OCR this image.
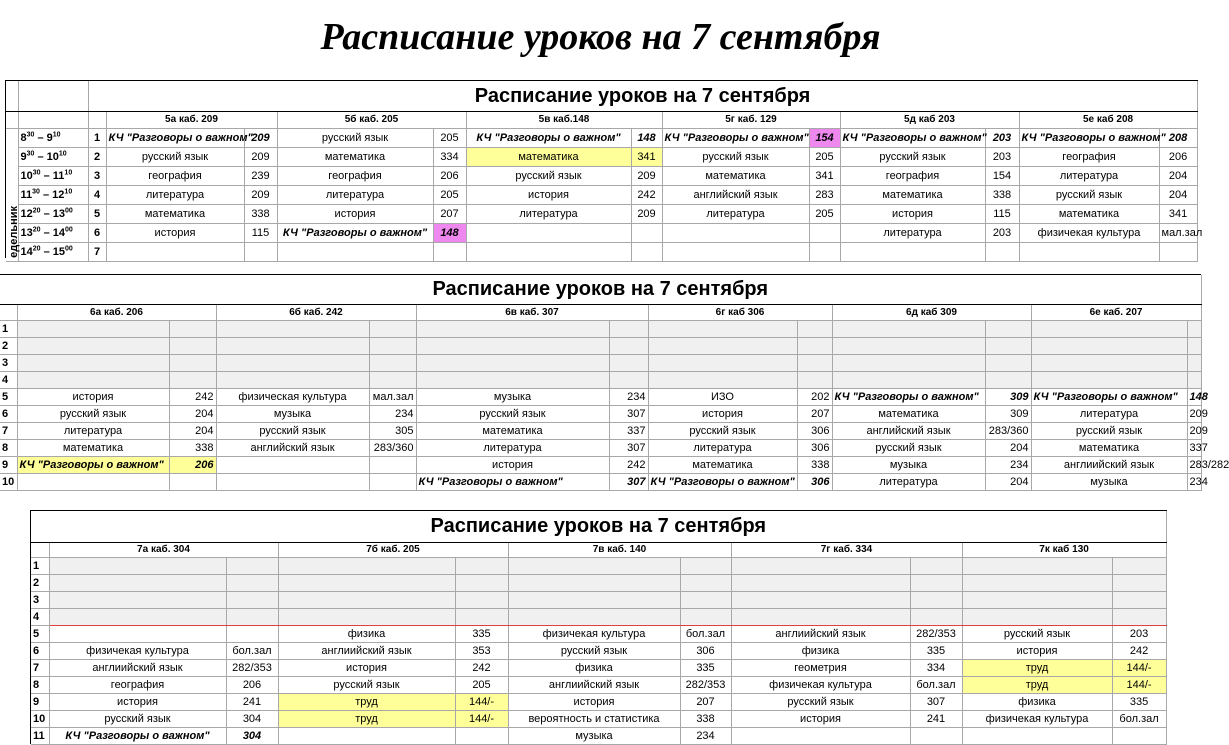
Расписание уроков на 7 сентября
		Расписание уроков на 7 сентября												
			5а каб. 209		5б каб. 205		5в каб.148		5г каб. 129		5д каб 203		5е каб 208	
едельник	$8^{30} - 9^{10}$	1	КЧ "Разговоры о важном"	209	русский язык	205	КЧ "Разговоры о важном"	148	КЧ "Разговоры о важном"	154	КЧ "Разговоры о важном"	203	КЧ "Разговоры о важном"	208
	$9^{30} - 10^{10}$	2	русский язык	209	математика	334	математика	341	русский язык	205	русский язык	203	география	206
	$10^{30} - 11^{10}$	3	география	239	география	206	русский язык	209	математика	341	география	154	литература	204
	$11^{30} - 12^{10}$	4	литература	209	литература	205	история	242	английский язык	283	математика	338	русский язык	204
	$12^{20} - 13^{00}$	5	математика	338	история	207	литература	209	литература	205	история	115	математика	341
	$13^{20} - 14^{00}$	6	история	115	КЧ "Разговоры о важном"	148					литература	203	физичекая культура	мал.зал
	$14^{20} - 15^{00}$	7												
Расписание уроков на 7 сентября												
	6а каб. 206		6б каб. 242		6в каб. 307		6г каб 306		6д каб 309		6е каб. 207	
1												
2												
3												
4												
5	история	242	физическая культура	мал.зал	музыка	234	ИЗО	202	КЧ "Разговоры о важном"	309	КЧ "Разговоры о важном"	148
6	русский язык	204	музыка	234	русский язык	307	история	207	математика	309	литература	209
7	литература	204	русский язык	305	математика	337	русский язык	306	английский язык	283/360	русский язык	209
8	математика	338	английский язык	283/360	литература	307	литература	306	русский язык	204	математика	337
9	КЧ "Разговоры о важном"	206			история	242	математика	338	музыка	234	англиийский язык	283/282
10					КЧ "Разговоры о важном"	307	КЧ "Разговоры о важном"	306	литература	204	музыка	234
Расписание уроков на 7 сентября										
	7а каб. 304		7б каб. 205		7в каб. 140		7г каб. 334		7к каб 130	
1										
2										
3										
4										
5			физика	335	физичекая культура	бол.зал	англиийский язык	282/353	русский язык	203
6	физичекая культура	бол.зал	англиийский язык	353	русский язык	306	физика	335	история	242
7	англиийский язык	282/353	история	242	физика	335	геометрия	334	труд	144/-
8	география	206	русский язык	205	англиийский язык	282/353	физичекая культура	бол.зал	труд	144/-
9	история	241	труд	144/-	история	207	русский язык	307	физика	335
10	русский язык	304	труд	144/-	вероятность и статистика	338	история	241	физичекая культура	бол.зал
11	КЧ "Разговоры о важном"	304			музыка	234				
